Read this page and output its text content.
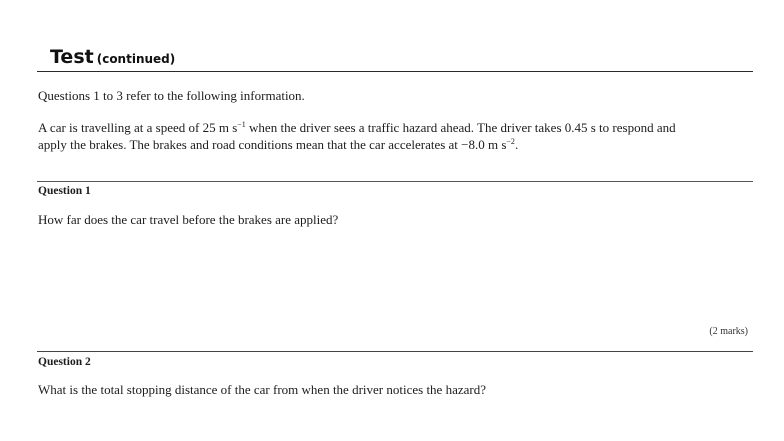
Test (continued)
Questions 1 to 3 refer to the following information.
A car is travelling at a speed of 25 m $s^{-1}$ when the driver sees a traffic hazard ahead. The driver takes 0.45 s to respond and
apply the brakes. The brakes and road conditions mean that the car accelerates at −8.0 m $s^{-2}$.
Question 1
How far does the car travel before the brakes are applied?
(2 marks)
Question 2
What is the total stopping distance of the car from when the driver notices the hazard?
